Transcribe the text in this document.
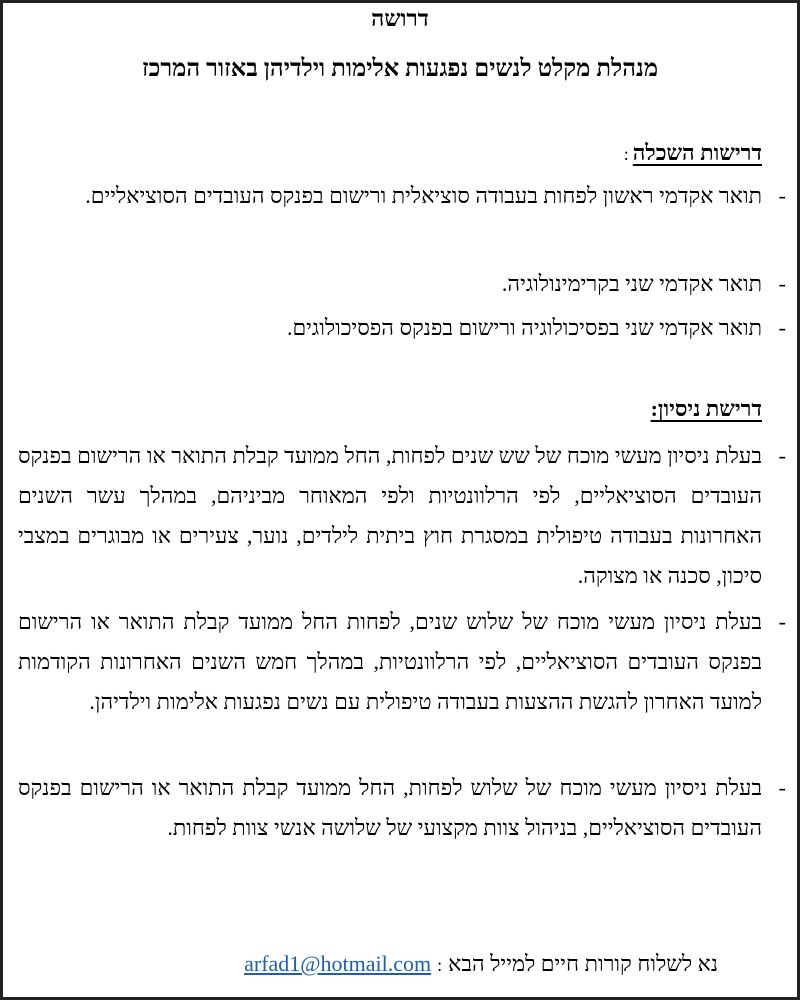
דרושה
מנהלת מקלט לנשים נפגעות אלימות וילדיהן באזור המרכז
דרישות השכלה:
-
תואר אקדמי ראשון לפחות בעבודה סוציאלית ורישום בפנקס העובדים הסוציאליים.
-
תואר אקדמי שני בקרימינולוגיה.
-
תואר אקדמי שני בפסיכולוגיה ורישום בפנקס הפסיכולוגים.
דרישת ניסיון:
-
בעלת ניסיון מעשי מוכח של שש שנים לפחות, החל ממועד קבלת התואר או הרישום בפנקס העובדים הסוציאליים, לפי הרלוונטיות ולפי המאוחר מביניהם, במהלך עשר השנים האחרונות בעבודה טיפולית במסגרת חוץ ביתית לילדים, נוער, צעירים או מבוגרים במצבי סיכון, סכנה או מצוקה.
-
בעלת ניסיון מעשי מוכח של שלוש שנים, לפחות החל ממועד קבלת התואר או הרישום בפנקס העובדים הסוציאליים, לפי הרלוונטיות, במהלך חמש השנים האחרונות הקודמות למועד האחרון להגשת ההצעות בעבודה טיפולית עם נשים נפגעות אלימות וילדיהן.
-
בעלת ניסיון מעשי מוכח של שלוש לפחות, החל ממועד קבלת התואר או הרישום בפנקס העובדים הסוציאליים, בניהול צוות מקצועי של שלושה אנשי צוות לפחות.
נא לשלוח קורות חיים למייל הבא:arfad1@hotmail.com
